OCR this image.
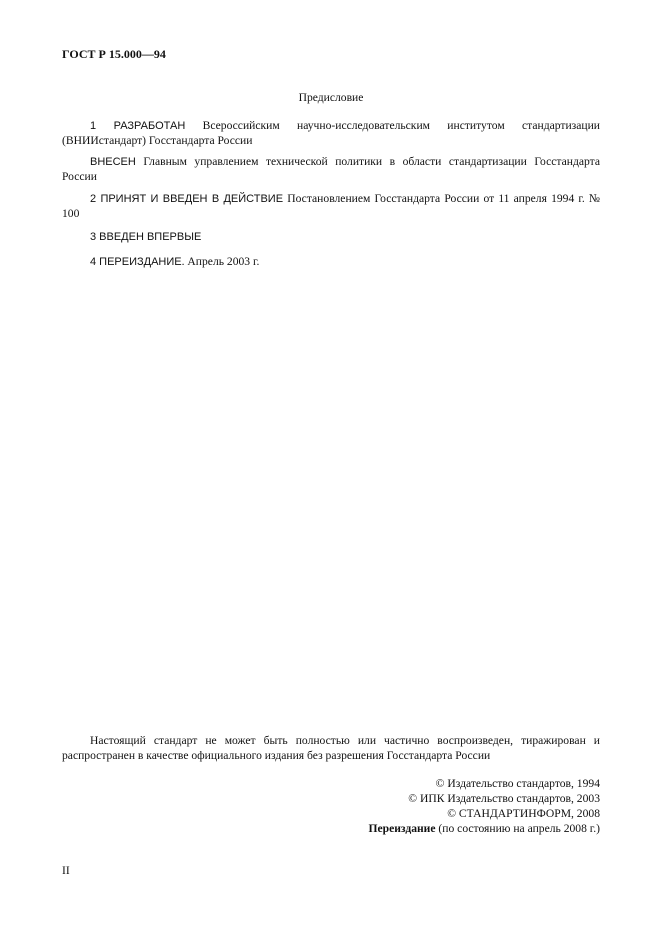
ГОСТ Р 15.000—94
Предисловие
1 РАЗРАБОТАН Всероссийским научно-исследовательским институтом стандартизации (ВНИИстандарт) Госстандарта России
ВНЕСЕН Главным управлением технической политики в области стандартизации Госстандарта России
2 ПРИНЯТ И ВВЕДЕН В ДЕЙСТВИЕ Постановлением Госстандарта России от 11 апреля 1994 г. № 100
3 ВВЕДЕН ВПЕРВЫЕ
4 ПЕРЕИЗДАНИЕ. Апрель 2003 г.
Настоящий стандарт не может быть полностью или частично воспроизведен, тиражирован и распространен в качестве официального издания без разрешения Госстандарта России
© Издательство стандартов, 1994
© ИПК Издательство стандартов, 2003
© СТАНДАРТИНФОРМ, 2008
Переиздание (по состоянию на апрель 2008 г.)
II
